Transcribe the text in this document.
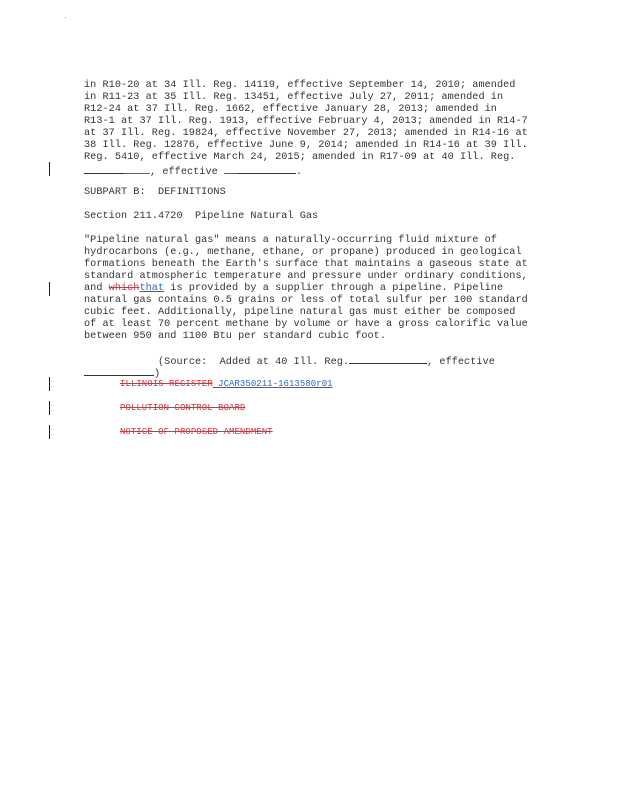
in R10-20 at 34 Ill. Reg. 14119, effective September 14, 2010; amended
in R11-23 at 35 Ill. Reg. 13451, effective July 27, 2011; amended in
R12-24 at 37 Ill. Reg. 1662, effective January 28, 2013; amended in
R13-1 at 37 Ill. Reg. 1913, effective February 4, 2013; amended in R14-7
at 37 Ill. Reg. 19824, effective November 27, 2013; amended in R14-16 at
38 Ill. Reg. 12876, effective June 9, 2014; amended in R14-16 at 39 Ill.
Reg. 5410, effective March 24, 2015; amended in R17-09 at 40 Ill. Reg.
, effective	.
SUBPART B:  DEFINITIONS
Section 211.4720  Pipeline Natural Gas
"Pipeline natural gas" means a naturally-occurring fluid mixture of
hydrocarbons (e.g., methane, ethane, or propane) produced in geological
formations beneath the Earth's surface that maintains a gaseous state at
standard atmospheric temperature and pressure under ordinary conditions,
and whichthat is provided by a supplier through a pipeline. Pipeline
natural gas contains 0.5 grains or less of total sulfur per 100 standard
cubic feet. Additionally, pipeline natural gas must either be composed
of at least 70 percent methane by volume or have a gross calorific value
between 950 and 1100 Btu per standard cubic foot.
(Source:  Added at 40 Ill. Reg.	, effective
)
ILLINOIS REGISTER JCAR350211-1613580r01
POLLUTION CONTROL BOARD
NOTICE OF PROPOSED AMENDMENT
